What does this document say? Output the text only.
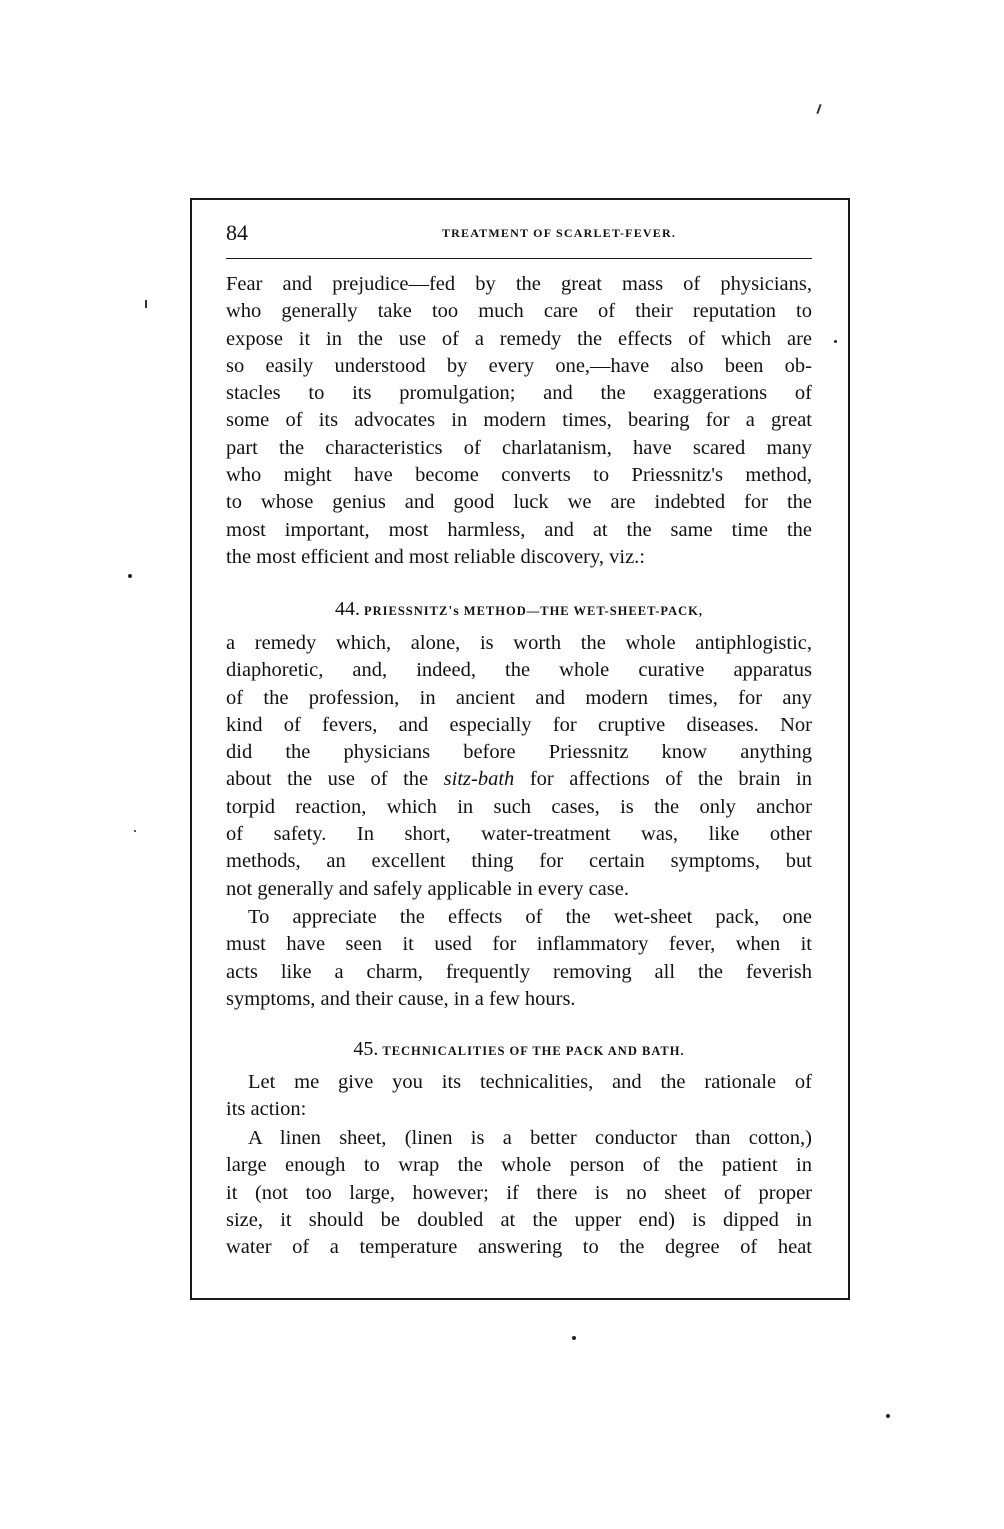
84	TREATMENT OF SCARLET-FEVER.
Fear and prejudice—fed by the great mass of physicians,
who generally take too much care of their reputation to
expose it in the use of a remedy the effects of which are
so easily understood by every one,—have also been ob-
stacles to its promulgation; and the exaggerations of
some of its advocates in modern times, bearing for a great
part the characteristics of charlatanism, have scared many
who might have become converts to Priessnitz's method,
to whose genius and good luck we are indebted for the
most important, most harmless, and at the same time the
the most efficient and most reliable discovery, viz.:
44. PRIESSNITZ's METHOD—THE WET-SHEET-PACK,
a remedy which, alone, is worth the whole antiphlogistic,
diaphoretic, and, indeed, the whole curative apparatus
of the profession, in ancient and modern times, for any
kind of fevers, and especially for cruptive diseases. Nor
did the physicians before Priessnitz know anything
about the use of the sitz-bath for affections of the brain in
torpid reaction, which in such cases, is the only anchor
of safety. In short, water-treatment was, like other
methods, an excellent thing for certain symptoms, but
not generally and safely applicable in every case.
To appreciate the effects of the wet-sheet pack, one
must have seen it used for inflammatory fever, when it
acts like a charm, frequently removing all the feverish
symptoms, and their cause, in a few hours.
45. TECHNICALITIES OF THE PACK AND BATH.
Let me give you its technicalities, and the rationale of
its action:
A linen sheet, (linen is a better conductor than cotton,)
large enough to wrap the whole person of the patient in
it (not too large, however; if there is no sheet of proper
size, it should be doubled at the upper end) is dipped in
water of a temperature answering to the degree of heat
